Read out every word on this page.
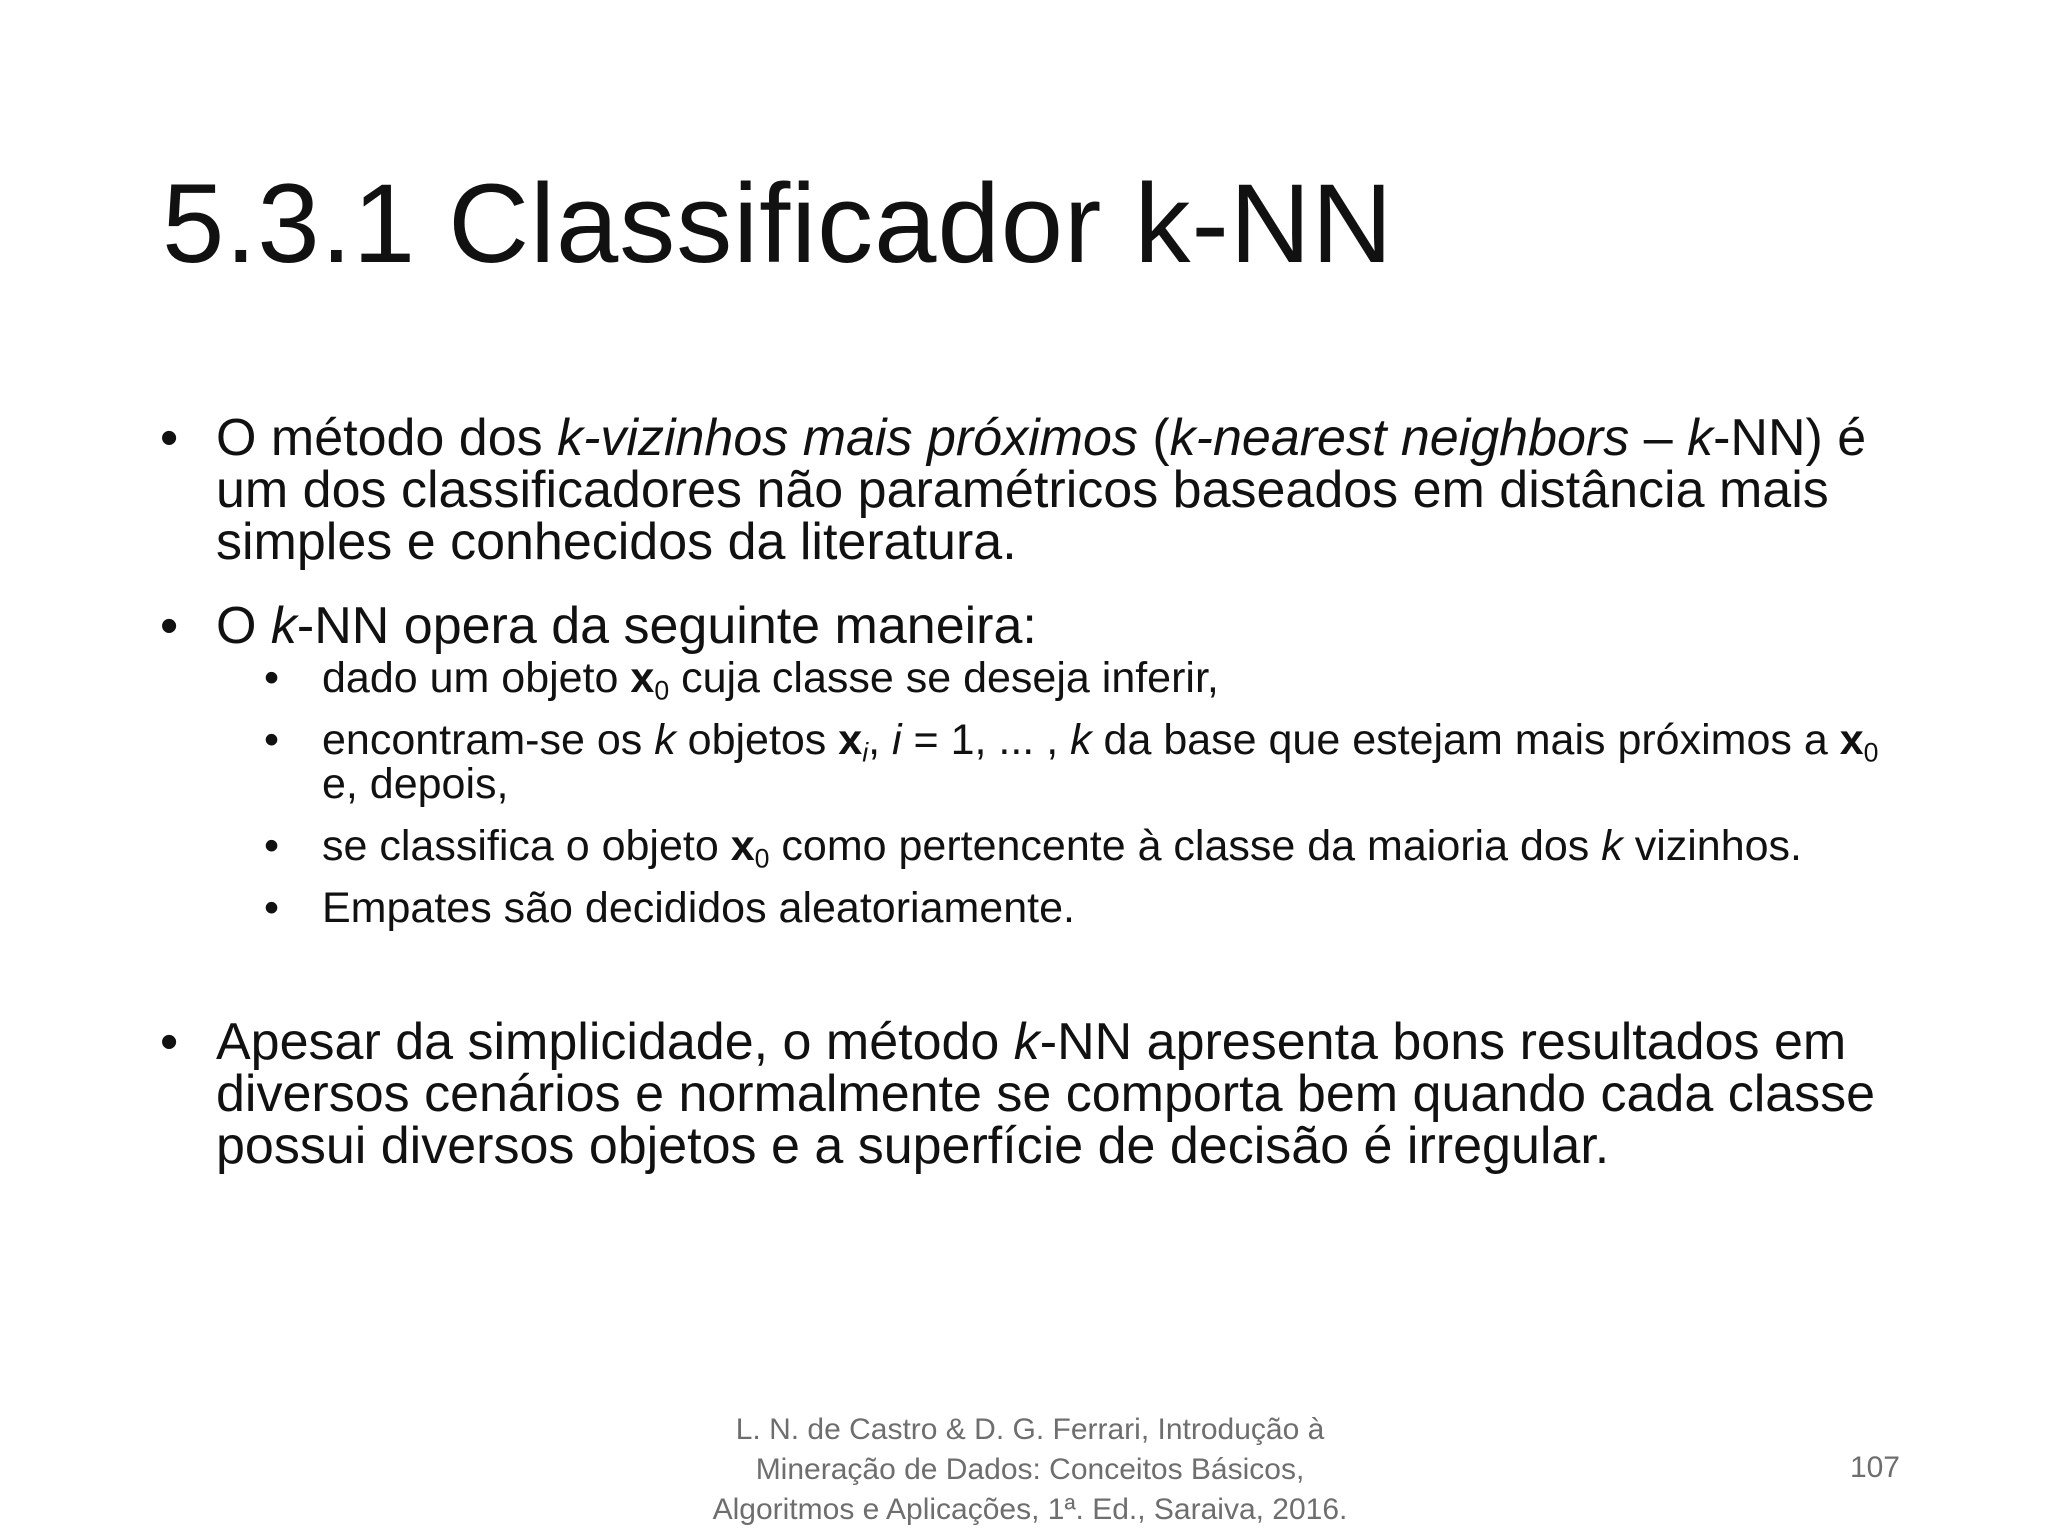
5.3.1 Classificador k-NN
• O método dos k-vizinhos mais próximos (k-nearest neighbors – k-NN) é um dos classificadores não paramétricos baseados em distância mais simples e conhecidos da literatura.
• O k-NN opera da seguinte maneira:
• dado um objeto $x_0$ cuja classe se deseja inferir,
• encontram-se os k objetos $x_i$, i = 1, ... , k da base que estejam mais próximos a $x_0$ e, depois,
• se classifica o objeto $x_0$ como pertencente à classe da maioria dos k vizinhos.
• Empates são decididos aleatoriamente.
• Apesar da simplicidade, o método k-NN apresenta bons resultados em diversos cenários e normalmente se comporta bem quando cada classe possui diversos objetos e a superfície de decisão é irregular.
L. N. de Castro & D. G. Ferrari, Introdução à
Mineração de Dados: Conceitos Básicos,
Algoritmos e Aplicações, 1ª. Ed., Saraiva, 2016.
107
